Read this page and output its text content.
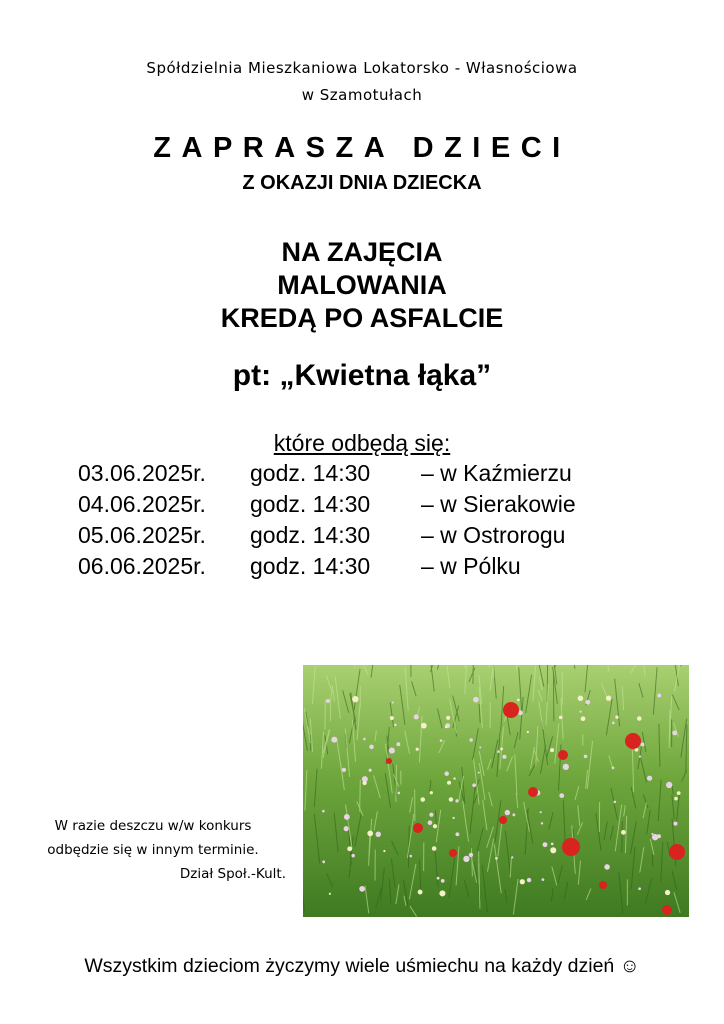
Spółdzielnia Mieszkaniowa Lokatorsko - Własnościowa
w Szamotułach
ZAPRASZA DZIECI
Z OKAZJI DNIA DZIECKA
NA ZAJĘCIA
MALOWANIA
KREDĄ PO ASFALCIE
pt: „Kwietna łąka”
które odbędą się:
03.06.2025r. godz. 14:30 – w Kaźmierzu
04.06.2025r. godz. 14:30 – w Sierakowie
05.06.2025r. godz. 14:30 – w Ostrorogu
06.06.2025r. godz. 14:30 – w Pólku
W razie deszczu w/w konkurs
odbędzie się w innym terminie.
Dział Społ.-Kult.
Wszystkim dzieciom życzymy wiele uśmiechu na każdy dzień ☺
